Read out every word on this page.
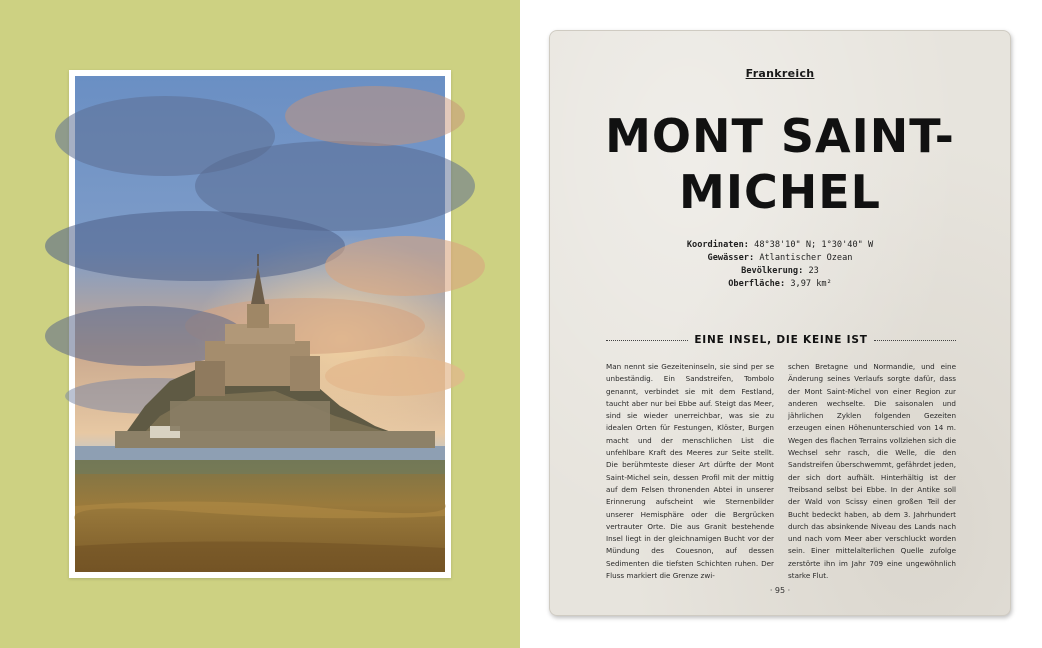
Frankreich
MONT SAINT-
MICHEL
Koordinaten: 48°38'10" N; 1°30'40" W
Gewässer: Atlantischer Ozean
Bevölkerung: 23
Oberfläche: 3,97 km²
EINE INSEL, DIE KEINE IST
Man nennt sie Gezeiteninseln, sie sind per se unbeständig. Ein Sandstreifen, Tombolo genannt, verbindet sie mit dem Festland, taucht aber nur bei Ebbe auf. Steigt das Meer, sind sie wieder unerreichbar, was sie zu idealen Orten für Festungen, Klöster, Burgen macht und der menschlichen List die unfehlbare Kraft des Meeres zur Seite stellt. Die berühmteste dieser Art dürfte der Mont Saint-Michel sein, dessen Profil mit der mittig auf dem Felsen thronenden Abtei in unserer Erinnerung aufscheint wie Sternenbilder unserer Hemisphäre oder die Bergrücken vertrauter Orte. Die aus Granit bestehende Insel liegt in der gleichnamigen Bucht vor der Mündung des Couesnon, auf dessen Sedimenten die tiefsten Schichten ruhen. Der Fluss markiert die Grenze zwi-
schen Bretagne und Normandie, und eine Änderung seines Verlaufs sorgte dafür, dass der Mont Saint-Michel von einer Region zur anderen wechselte. Die saisonalen und jährlichen Zyklen folgenden Gezeiten erzeugen einen Höhenunterschied von 14 m. Wegen des flachen Terrains vollziehen sich die Wechsel sehr rasch, die Welle, die den Sandstreifen überschwemmt, gefährdet jeden, der sich dort aufhält. Hinterhältig ist der Treibsand selbst bei Ebbe. In der Antike soll der Wald von Scissy einen großen Teil der Bucht bedeckt haben, ab dem 3. Jahrhundert durch das absinkende Niveau des Lands nach und nach vom Meer aber verschluckt worden sein. Einer mittelalterlichen Quelle zufolge zerstörte ihn im Jahr 709 eine ungewöhnlich starke Flut.
· 95 ·
